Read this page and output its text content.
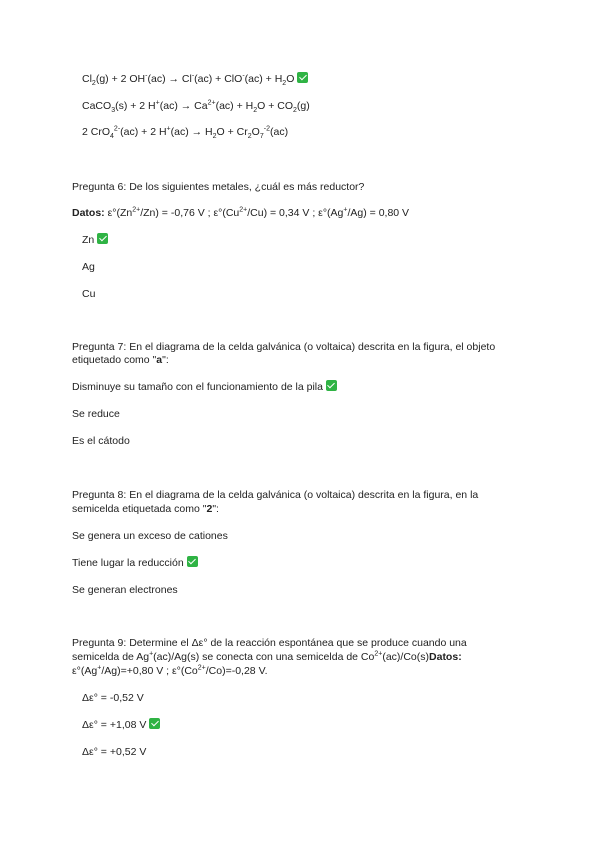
$Cl_2(g) + 2$ $OH^-(ac) \to Cl^-(ac) + ClO^-(ac) + H_2O$
CaCO$_3$(s) + 2 $H^+(ac) \to Ca^{2+}(ac) + H_2O + CO_2(g)$
2 CrO$_4^{2-}$(ac) + 2 $H^+(ac) \to H_2O + Cr_2O_7^{-2}(ac)$
Pregunta 6: De los siguientes metales, ¿cuál es más reductor?
Datos: $\varepsilon^\circ(Zn^{2+}/Zn) = -0,76$ V ; $\varepsilon^\circ(Cu^{2+}/Cu) = 0,34$ V ; ε°(Ag+/Ag) = 0,80 V
Zn
Ag
Cu
Pregunta 7: En el diagrama de la celda galvánica (o voltaica) descrita en la figura, el objeto
etiquetado como "a":
Disminuye su tamaño con el funcionamiento de la pila
Se reduce
Es el cátodo
Pregunta 8: En el diagrama de la celda galvánica (o voltaica) descrita en la figura, en la
semicelda etiquetada como "2":
Se genera un exceso de cationes
Tiene lugar la reducción
Se generan electrones
Pregunta 9: Determine el Δε° de la reacción espontánea que se produce cuando una
semicelda de Ag+(ac)/Ag(s) se conecta con una semicelda de $Co^{2+}(ac)/Co(s)Datos$:
ε°(Ag+/Ag)=+0,80 V ; $\varepsilon^\circ(Co^{2+}/Co)=-0,28$ V.
Δε° = -0,52 V
Δε° = +1,08 V
Δε° = +0,52 V
